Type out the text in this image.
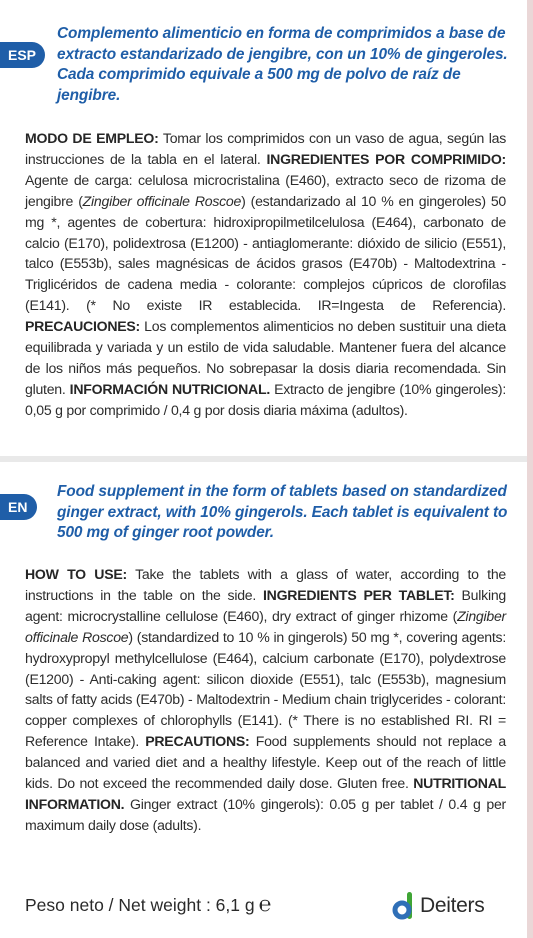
ESP
Complemento alimenticio en forma de comprimidos a base de extracto estandarizado de jengibre, con un 10% de gingeroles. Cada comprimido equivale a 500 mg de polvo de raíz de jengibre.
MODO DE EMPLEO: Tomar los comprimidos con un vaso de agua, según las instrucciones de la tabla en el lateral. INGREDIENTES POR COMPRIMIDO: Agente de carga: celulosa microcristalina (E460), extracto seco de rizoma de jengibre (Zingiber officinale Roscoe) (estandarizado al 10 % en gingeroles) 50 mg *, agentes de cobertura: hidroxipropilmetilcelulosa (E464), carbonato de calcio (E170), polidextrosa (E1200) - antiaglomerante: dióxido de silicio (E551), talco (E553b), sales magnésicas de ácidos grasos (E470b) - Maltodextrina - Triglicéridos de cadena media - colorante: complejos cúpricos de clorofilas (E141). (* No existe IR establecida. IR=Ingesta de Referencia). PRECAUCIONES: Los complementos alimenticios no deben sustituir una dieta equilibrada y variada y un estilo de vida saludable. Mantener fuera del alcance de los niños más pequeños. No sobrepasar la dosis diaria recomendada. Sin gluten. INFORMACIÓN NUTRICIONAL. Extracto de jengibre (10% gingeroles): 0,05 g por comprimido / 0,4 g por dosis diaria máxima (adultos).
EN
Food supplement in the form of tablets based on standardized ginger extract, with 10% gingerols. Each tablet is equivalent to 500 mg of ginger root powder.
HOW TO USE: Take the tablets with a glass of water, according to the instructions in the table on the side. INGREDIENTS PER TABLET: Bulking agent: microcrystalline cellulose (E460), dry extract of ginger rhizome (Zingiber officinale Roscoe) (standardized to 10 % in gingerols) 50 mg *, covering agents: hydroxypropyl methylcellulose (E464), calcium carbonate (E170), polydextrose (E1200) - Anti-caking agent: silicon dioxide (E551), talc (E553b), magnesium salts of fatty acids (E470b) - Maltodextrin - Medium chain triglycerides - colorant: copper complexes of chlorophylls (E141). (* There is no established RI. RI = Reference Intake). PRECAUTIONS: Food supplements should not replace a balanced and varied diet and a healthy lifestyle. Keep out of the reach of little kids. Do not exceed the recommended daily dose. Gluten free. NUTRITIONAL INFORMATION. Ginger extract (10% gingerols): 0.05 g per tablet / 0.4 g per maximum daily dose (adults).
Peso neto / Net weight : 6,1 g ℮	Deiters
